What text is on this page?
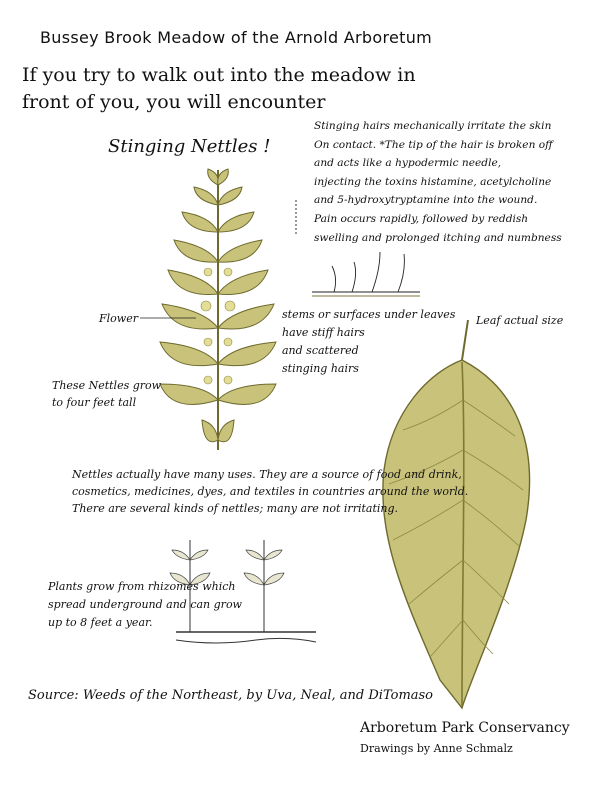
Bussey Brook Meadow of the Arnold Arboretum

If you try to walk out into the meadow in
front of you, you will encounter

Stinging Nettles !

Stinging hairs mechanically irritate the skin
On contact. *The tip of the hair is broken off
and acts like a hypodermic needle,
injecting the toxins histamine, acetylcholine
and 5-hydroxytryptamine into the wound.
Pain occurs rapidly, followed by reddish
swelling and prolonged itching and numbness

stems or surfaces under leaves
have stiff hairs
and scattered
stinging hairs

Leaf actual size

Flower

These Nettles grow
to four feet tall

Nettles actually have many uses. They are a source of food and drink,
cosmetics, medicines, dyes, and textiles in countries around the world.
There are several kinds of nettles; many are not irritating.

Plants grow from rhizomes which
spread underground and can grow
up to 8 feet a year.

Source: Weeds of the Northeast, by Uva, Neal, and DiTomaso

Arboretum Park Conservancy

Drawings by Anne Schmalz
